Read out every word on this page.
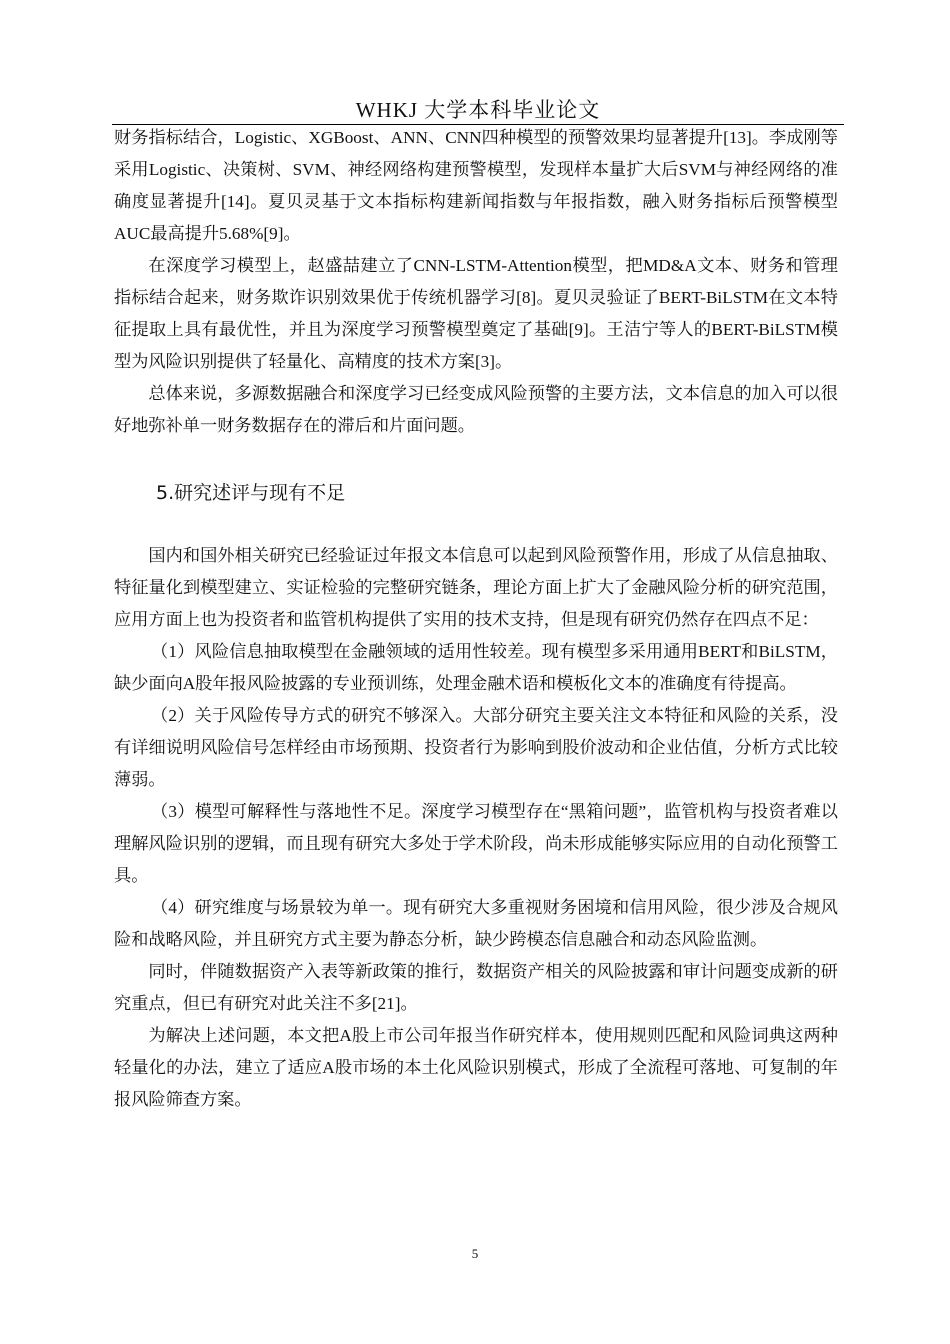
WHKJ 大学本科毕业论文

财务指标结合，Logistic、XGBoost、ANN、CNN四种模型的预警效果均显著提升[13]。李成刚等采用Logistic、决策树、SVM、神经网络构建预警模型，发现样本量扩大后SVM与神经网络的准确度显著提升[14]。夏贝灵基于文本指标构建新闻指数与年报指数，融入财务指标后预警模型AUC最高提升5.68%[9]。

在深度学习模型上，赵盛喆建立了CNN-LSTM-Attention模型，把MD&A文本、财务和管理指标结合起来，财务欺诈识别效果优于传统机器学习[8]。夏贝灵验证了BERT-BiLSTM在文本特征提取上具有最优性，并且为深度学习预警模型奠定了基础[9]。王洁宁等人的BERT-BiLSTM模型为风险识别提供了轻量化、高精度的技术方案[3]。

总体来说，多源数据融合和深度学习已经变成风险预警的主要方法，文本信息的加入可以很好地弥补单一财务数据存在的滞后和片面问题。

5.研究述评与现有不足

国内和国外相关研究已经验证过年报文本信息可以起到风险预警作用，形成了从信息抽取、特征量化到模型建立、实证检验的完整研究链条，理论方面上扩大了金融风险分析的研究范围，应用方面上也为投资者和监管机构提供了实用的技术支持，但是现有研究仍然存在四点不足：

（1）风险信息抽取模型在金融领域的适用性较差。现有模型多采用通用BERT和BiLSTM，缺少面向A股年报风险披露的专业预训练，处理金融术语和模板化文本的准确度有待提高。

（2）关于风险传导方式的研究不够深入。大部分研究主要关注文本特征和风险的关系，没有详细说明风险信号怎样经由市场预期、投资者行为影响到股价波动和企业估值，分析方式比较薄弱。

（3）模型可解释性与落地性不足。深度学习模型存在“黑箱问题”，监管机构与投资者难以理解风险识别的逻辑，而且现有研究大多处于学术阶段，尚未形成能够实际应用的自动化预警工具。

（4）研究维度与场景较为单一。现有研究大多重视财务困境和信用风险，很少涉及合规风险和战略风险，并且研究方式主要为静态分析，缺少跨模态信息融合和动态风险监测。

同时，伴随数据资产入表等新政策的推行，数据资产相关的风险披露和审计问题变成新的研究重点，但已有研究对此关注不多[21]。

为解决上述问题，本文把A股上市公司年报当作研究样本，使用规则匹配和风险词典这两种轻量化的办法，建立了适应A股市场的本土化风险识别模式，形成了全流程可落地、可复制的年报风险筛查方案。

5
